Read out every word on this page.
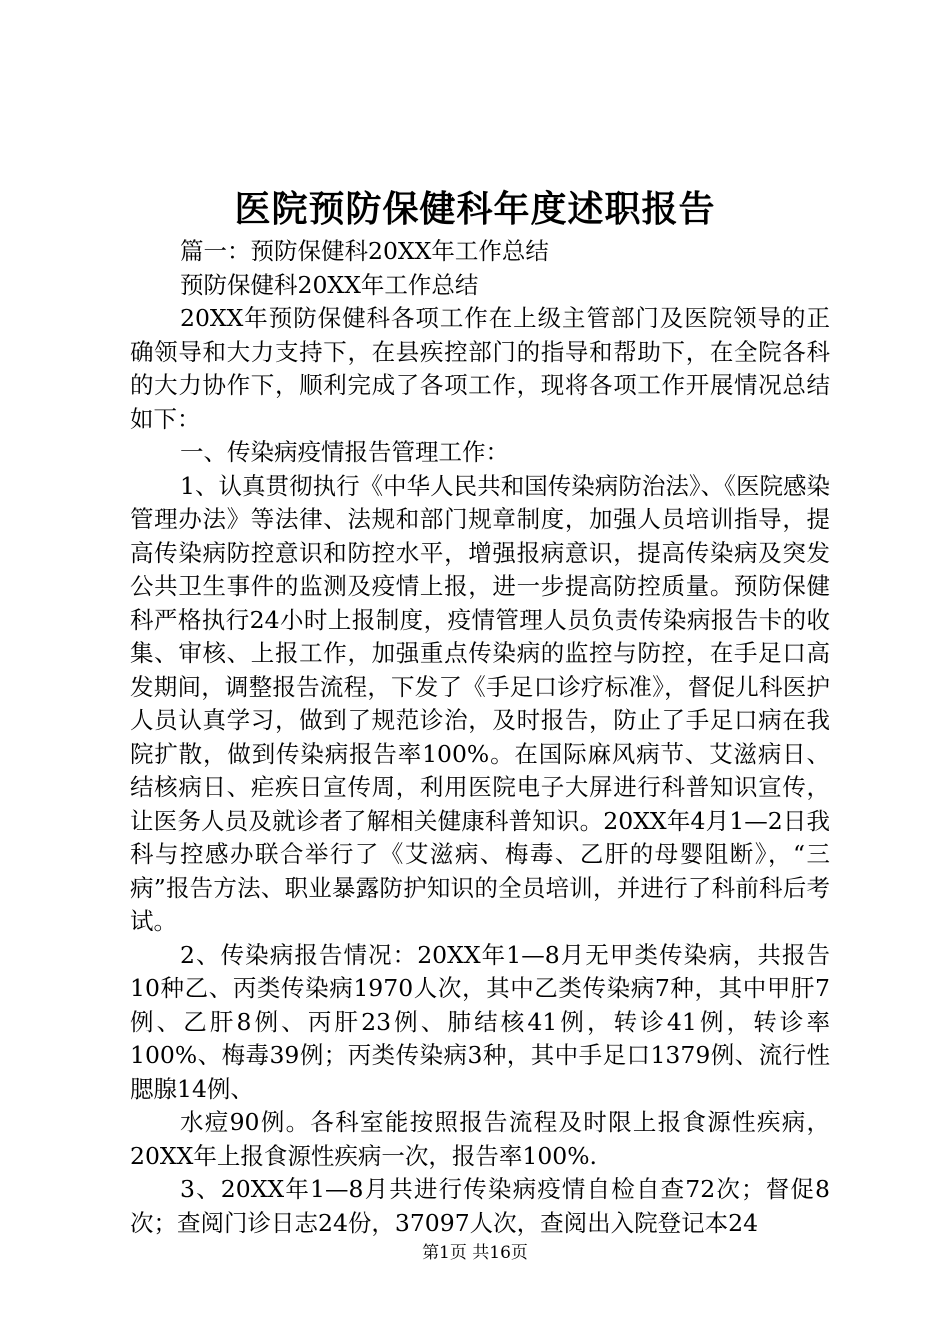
医院预防保健科年度述职报告

篇一：预防保健科20XX年工作总结

预防保健科20XX年工作总结

20XX年预防保健科各项工作在上级主管部门及医院领导的正确领导和大力支持下，在县疾控部门的指导和帮助下，在全院各科的大力协作下，顺利完成了各项工作，现将各项工作开展情况总结如下：

一、传染病疫情报告管理工作：

1、认真贯彻执行《中华人民共和国传染病防治法》、《医院感染管理办法》等法律、法规和部门规章制度，加强人员培训指导，提高传染病防控意识和防控水平，增强报病意识，提高传染病及突发公共卫生事件的监测及疫情上报，进一步提高防控质量。预防保健科严格执行24小时上报制度，疫情管理人员负责传染病报告卡的收集、审核、上报工作，加强重点传染病的监控与防控，在手足口高发期间，调整报告流程，下发了《手足口诊疗标准》，督促儿科医护人员认真学习，做到了规范诊治，及时报告，防止了手足口病在我院扩散，做到传染病报告率100%。在国际麻风病节、艾滋病日、结核病日、疟疾日宣传周，利用医院电子大屏进行科普知识宣传，让医务人员及就诊者了解相关健康科普知识。20XX年4月1—2日我科与控感办联合举行了《艾滋病、梅毒、乙肝的母婴阻断》，“三病”报告方法、职业暴露防护知识的全员培训，并进行了科前科后考试。

2、传染病报告情况：20XX年1—8月无甲类传染病，共报告10种乙、丙类传染病1970人次，其中乙类传染病7种，其中甲肝7例、乙肝8例、丙肝23例、肺结核41例，转诊41例，转诊率100%、梅毒39例；丙类传染病3种，其中手足口1379例、流行性腮腺14例、

水痘90例。各科室能按照报告流程及时限上报食源性疾病，20XX年上报食源性疾病一次，报告率100%.

3、20XX年1—8月共进行传染病疫情自检自查72次；督促8次；查阅门诊日志24份，37097人次，查阅出入院登记本24

第1页 共16页
